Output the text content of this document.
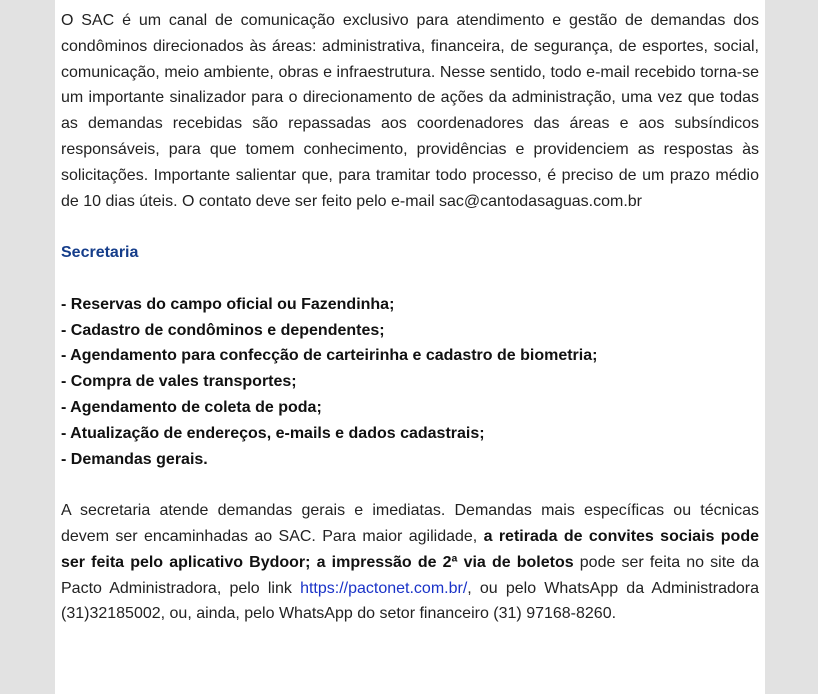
O SAC é um canal de comunicação exclusivo para atendimento e gestão de demandas dos condôminos direcionados às áreas: administrativa, financeira, de segurança, de esportes, social, comunicação, meio ambiente, obras e infraestrutura. Nesse sentido, todo e-mail recebido torna-se um importante sinalizador para o direcionamento de ações da administração, uma vez que todas as demandas recebidas são repassadas aos coordenadores das áreas e aos subsíndicos responsáveis, para que tomem conhecimento, providências e providenciem as respostas às solicitações. Importante salientar que, para tramitar todo processo, é preciso de um prazo médio de 10 dias úteis. O contato deve ser feito pelo e-mail sac@cantodasaguas.com.br

Secretaria
- Reservas do campo oficial ou Fazendinha;
- Cadastro de condôminos e dependentes;
- Agendamento para confecção de carteirinha e cadastro de biometria;
- Compra de vales transportes;
- Agendamento de coleta de poda;
- Atualização de endereços, e-mails e dados cadastrais;
- Demandas gerais.

A secretaria atende demandas gerais e imediatas. Demandas mais específicas ou técnicas devem ser encaminhadas ao SAC. Para maior agilidade, a retirada de convites sociais pode ser feita pelo aplicativo Bydoor; a impressão de 2ª via de boletos pode ser feita no site da Pacto Administradora, pelo link https://pactonet.com.br/, ou pelo WhatsApp da Administradora (31)32185002, ou, ainda, pelo WhatsApp do setor financeiro (31) 97168-8260.
